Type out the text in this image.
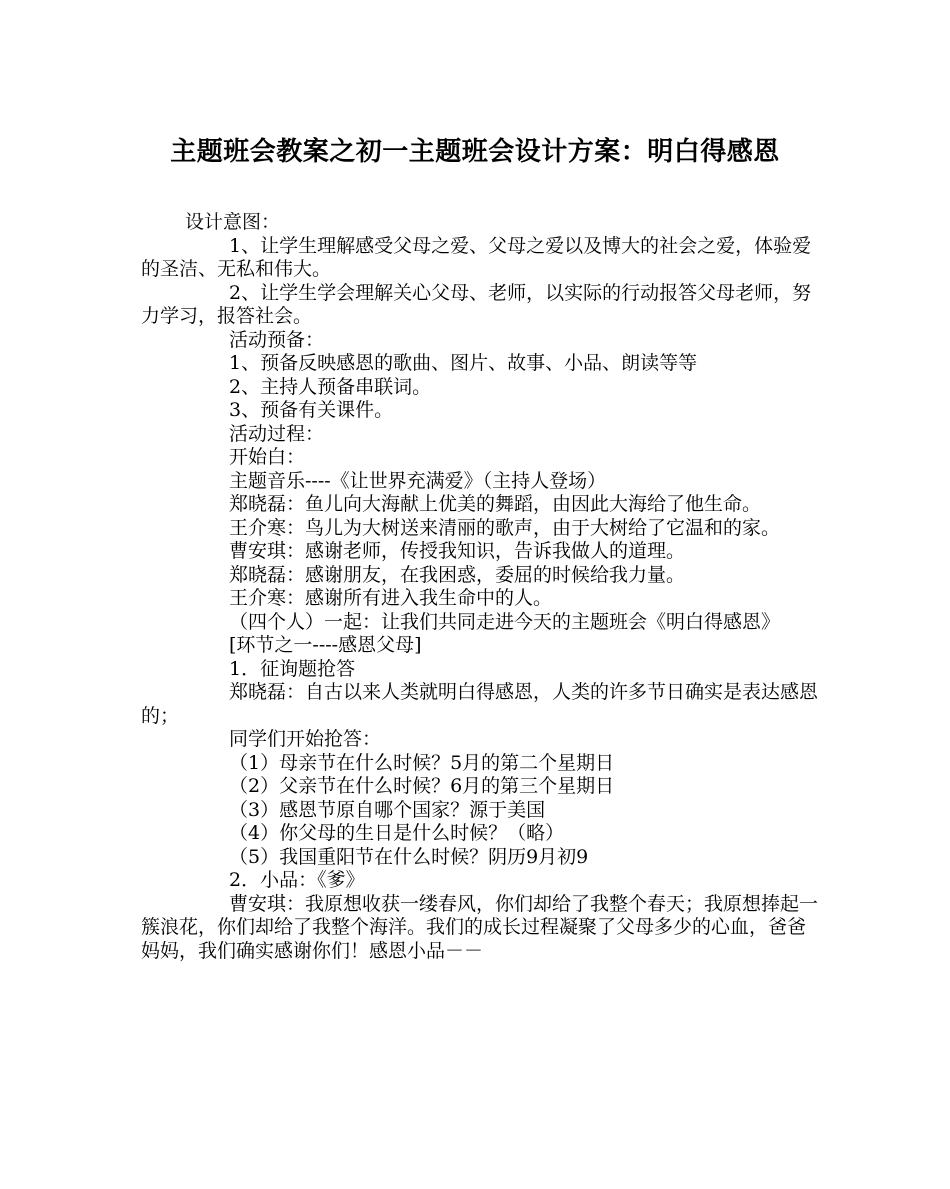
主题班会教案之初一主题班会设计方案：明白得感恩

设计意图：

1、让学生理解感受父母之爱、父母之爱以及博大的社会之爱，体验爱的圣洁、无私和伟大。

2、让学生学会理解关心父母、老师，以实际的行动报答父母老师，努力学习，报答社会。

活动预备：

1、预备反映感恩的歌曲、图片、故事、小品、朗读等等

2、主持人预备串联词。

3、预备有关课件。

活动过程：

开始白：

主题音乐----《让世界充满爱》（主持人登场）

郑晓磊：鱼儿向大海献上优美的舞蹈，由因此大海给了他生命。

王介寒：鸟儿为大树送来清丽的歌声，由于大树给了它温和的家。

曹安琪：感谢老师，传授我知识，告诉我做人的道理。

郑晓磊：感谢朋友，在我困惑，委屈的时候给我力量。

王介寒：感谢所有进入我生命中的人。

（四个人）一起：让我们共同走进今天的主题班会《明白得感恩》

[环节之一----感恩父母]

1．征询题抢答

郑晓磊：自古以来人类就明白得感恩，人类的许多节日确实是表达感恩的；

同学们开始抢答：

（1）母亲节在什么时候？5月的第二个星期日

（2）父亲节在什么时候？6月的第三个星期日

（3）感恩节原自哪个国家？源于美国

（4）你父母的生日是什么时候？（略）

（5）我国重阳节在什么时候？阴历9月初9

2．小品：《爹》

曹安琪：我原想收获一缕春风，你们却给了我整个春天；我原想捧起一簇浪花，你们却给了我整个海洋。我们的成长过程凝聚了父母多少的心血，爸爸妈妈，我们确实感谢你们！感恩小品－－
